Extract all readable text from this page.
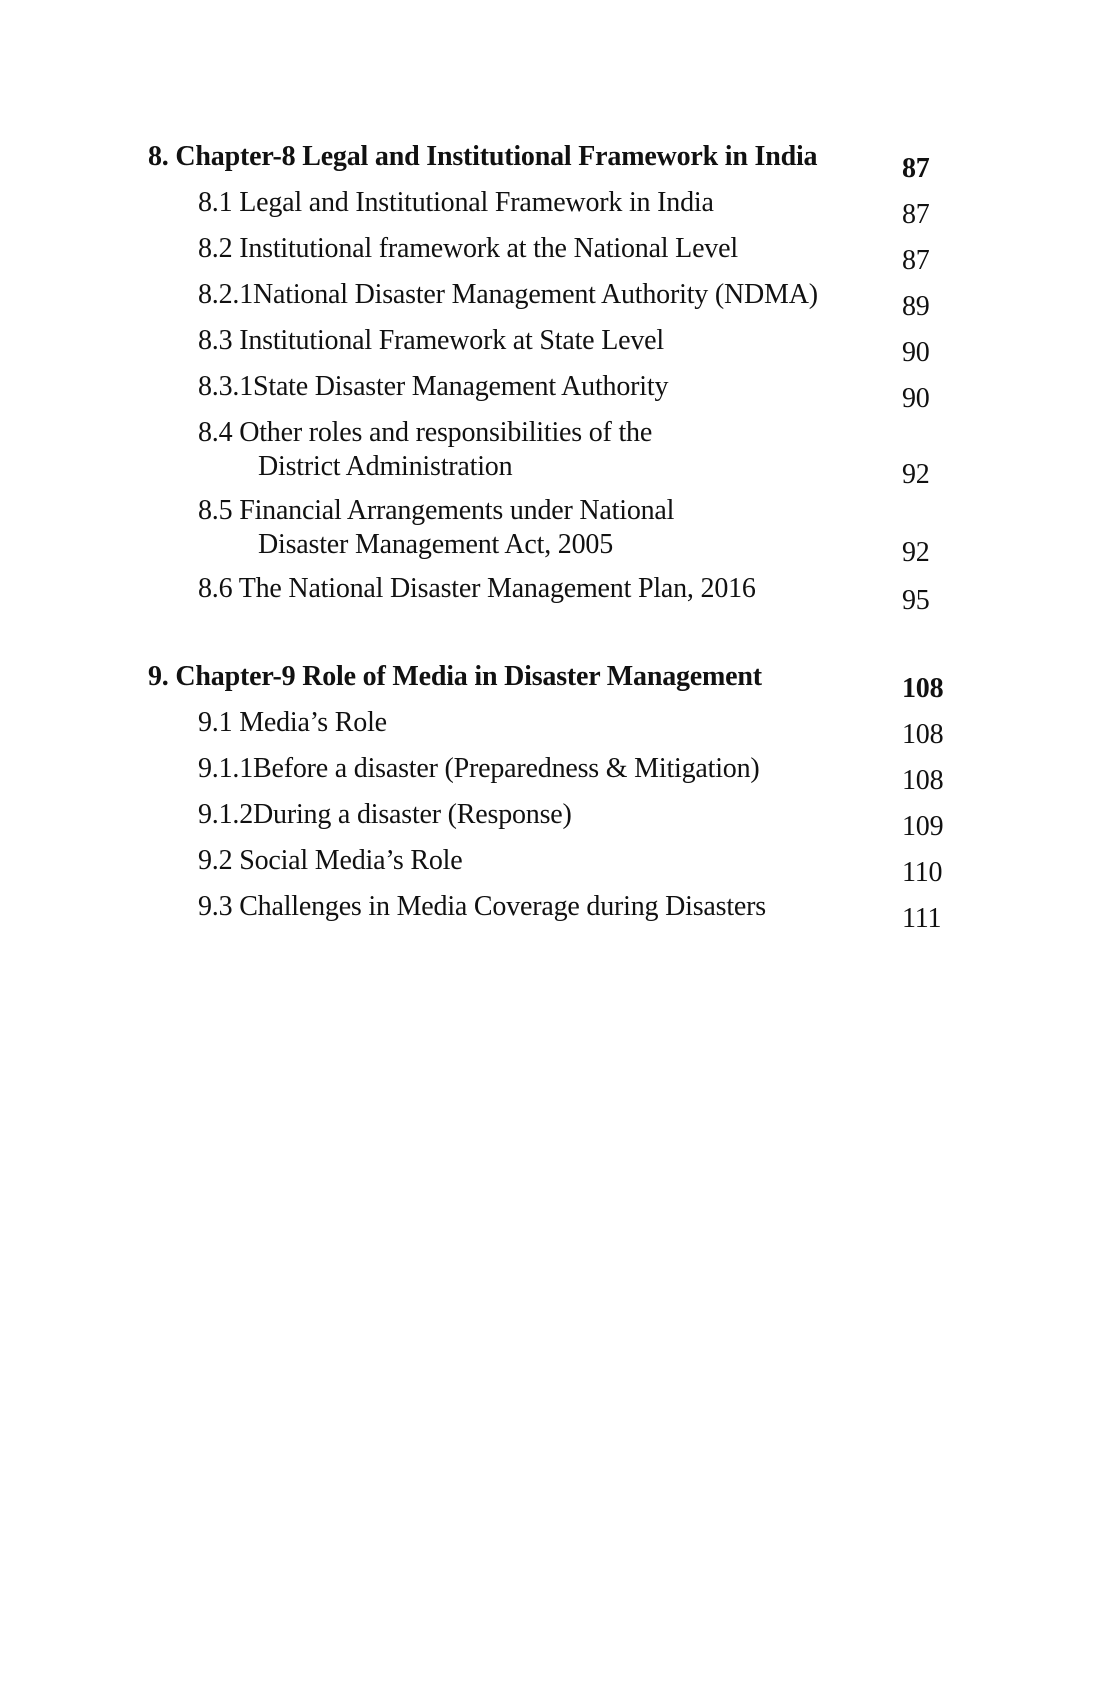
8. Chapter-8 Legal and Institutional Framework in India	87
8.1 Legal and Institutional Framework in India	87
8.2 Institutional framework at the National Level	87
8.2.1National Disaster Management Authority (NDMA)	89
8.3 Institutional Framework at State Level	90
8.3.1State Disaster Management Authority	90
8.4 Other roles and responsibilities of the
District Administration	92
8.5 Financial Arrangements under National
Disaster Management Act, 2005	92
8.6 The National Disaster Management Plan, 2016	95
9. Chapter-9 Role of Media in Disaster Management	108
9.1 Media’s Role	108
9.1.1Before a disaster (Preparedness & Mitigation)	108
9.1.2During a disaster (Response)	109
9.2 Social Media’s Role	110
9.3 Challenges in Media Coverage during Disasters	111
